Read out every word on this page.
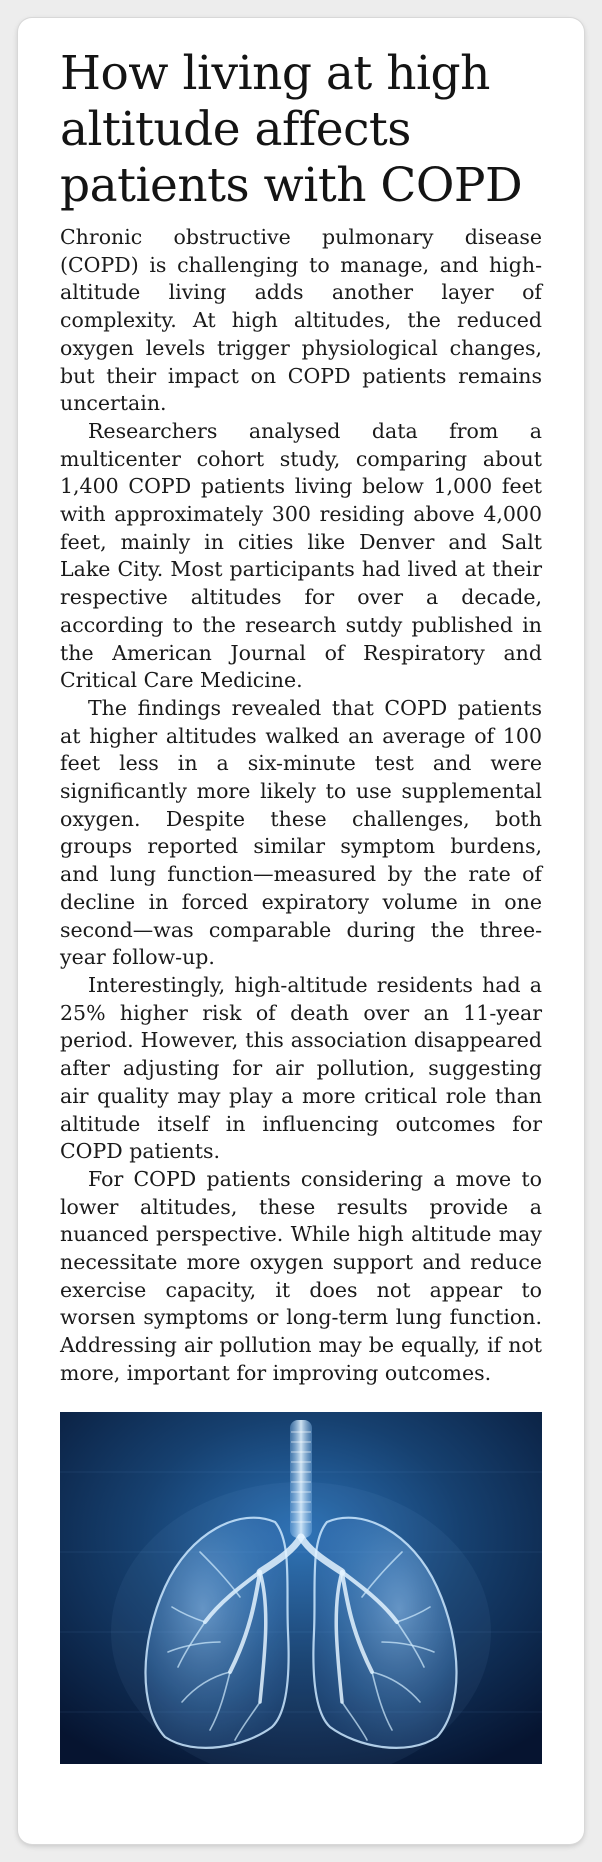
How living at high altitude affects patients with COPD

Chronic obstructive pulmonary disease (COPD) is challenging to manage, and high-altitude living adds another layer of complexity. At high altitudes, the reduced oxygen levels trigger physiological changes, but their impact on COPD patients remains uncertain.

Researchers analysed data from a multicenter cohort study, comparing about 1,400 COPD patients living below 1,000 feet with approximately 300 residing above 4,000 feet, mainly in cities like Denver and Salt Lake City. Most participants had lived at their respective altitudes for over a decade, according to the research sutdy published in the American Journal of Respiratory and Critical Care Medicine.

The findings revealed that COPD patients at higher altitudes walked an average of 100 feet less in a six-minute test and were significantly more likely to use supplemental oxygen. Despite these challenges, both groups reported similar symptom burdens, and lung function—measured by the rate of decline in forced expiratory volume in one second—was comparable during the three-year follow-up.

Interestingly, high-altitude residents had a 25% higher risk of death over an 11-year period. However, this association disappeared after adjusting for air pollution, suggesting air quality may play a more critical role than altitude itself in influencing outcomes for COPD patients.

For COPD patients considering a move to lower altitudes, these results provide a nuanced perspective. While high altitude may necessitate more oxygen support and reduce exercise capacity, it does not appear to worsen symptoms or long-term lung function. Addressing air pollution may be equally, if not more, important for improving outcomes.
